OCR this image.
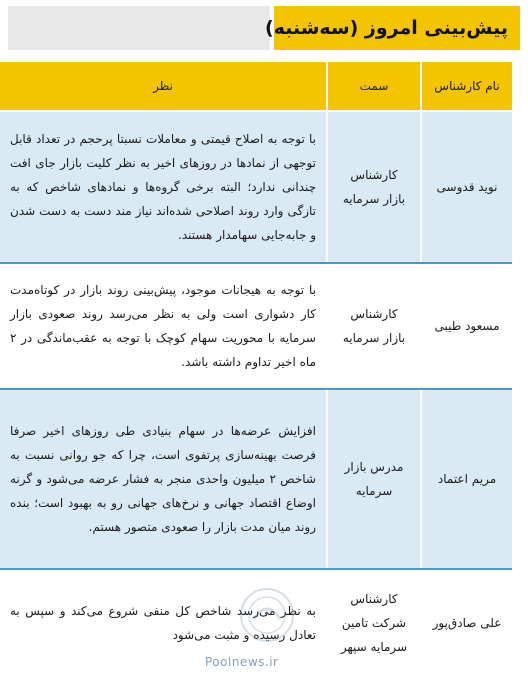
پیش‌بینی امروز (سه‌شنبه)
نام کارشناس
سمت
نظر
نوید قدوسی
کارشناس بازار سرمایه
با توجه به اصلاح قیمتی و معاملات نسبتا پرحجم در تعداد قابل توجهی از نمادها در روزهای اخیر به نظر کلیت بازار جای افت چندانی ندارد؛ البته برخی گروه‌ها و نمادهای شاخص که به تازگی وارد روند اصلاحی شده‌اند نیاز مند دست به دست شدن و جابه‌جایی سهامدار هستند.
مسعود طیبی
کارشناس بازار سرمایه
با توجه به هیجانات موجود، پیش‌بینی روند بازار در کوتاه‌مدت کار دشواری است ولی به نظر می‌رسد روند صعودی بازار سرمایه با محوریت سهام کوچک با توجه به عقب‌ماندگی در ۲ ماه اخیر تداوم داشته باشد.
مریم اعتماد
مدرس بازار سرمایه
افزایش عرضه‌ها در سهام بنیادی طی روزهای اخیر صرفا فرصت بهینه‌سازی پرتفوی است، چرا که جو روانی نسبت به شاخص ۲ میلیون واحدی منجر به فشار عرضه می‌شود و گرنه اوضاع اقتصاد جهانی و نرخ‌های جهانی رو به بهبود است؛ بنده روند میان مدت بازار را صعودی متصور هستم.
علی صادق‌پور
کارشناس شرکت تامین سرمایه سپهر
به نظر می‌رسد شاخص کل منفی شروع می‌کند و سپس به تعادل رسیده و مثبت می‌شود
Poolnews.ir
